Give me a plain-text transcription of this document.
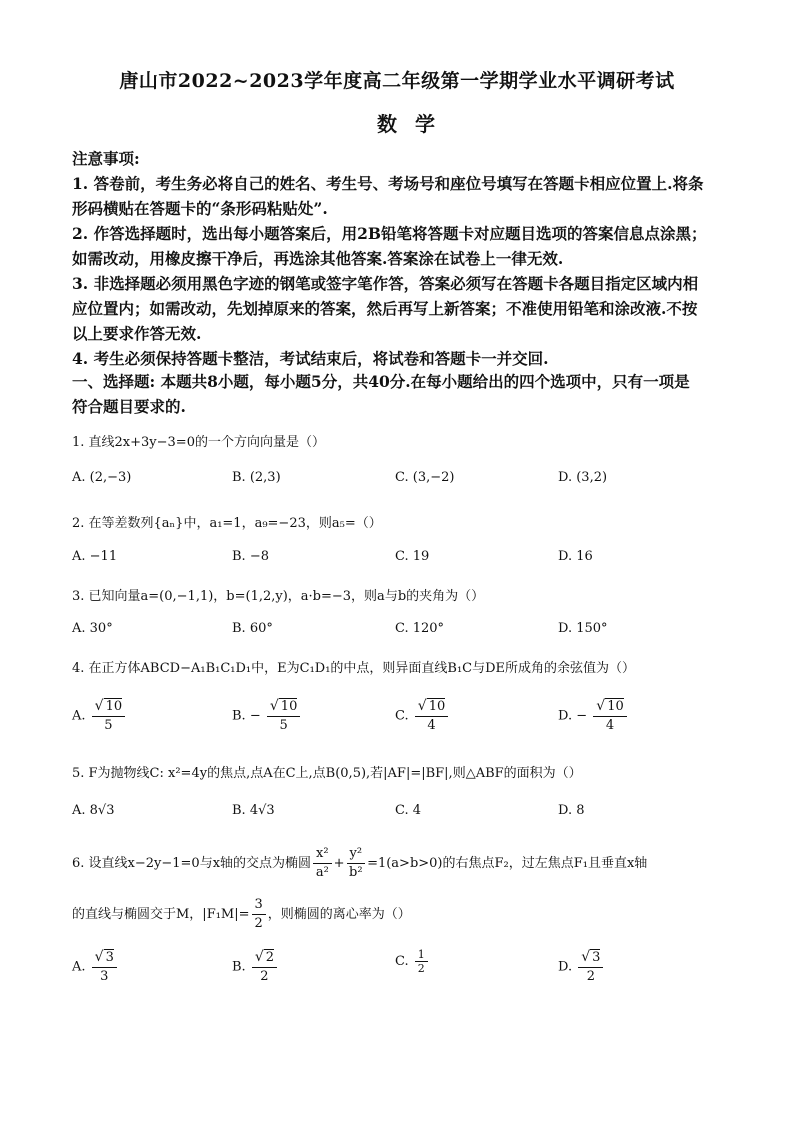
唐山市2022~2023学年度高二年级第一学期学业水平调研考试
数学
注意事项:
1. 答卷前，考生务必将自己的姓名、考生号、考场号和座位号填写在答题卡相应位置上.将条
形码横贴在答题卡的“条形码粘贴处”.
2. 作答选择题时，选出每小题答案后，用2B铅笔将答题卡对应题目选项的答案信息点涂黑；
如需改动，用橡皮擦干净后，再选涂其他答案.答案涂在试卷上一律无效.
3. 非选择题必须用黑色字迹的钢笔或签字笔作答，答案必须写在答题卡各题目指定区域内相
应位置内；如需改动，先划掉原来的答案，然后再写上新答案；不准使用铅笔和涂改液.不按
以上要求作答无效.
4. 考生必须保持答题卡整洁，考试结束后，将试卷和答题卡一并交回.
一、选择题: 本题共8小题，每小题5分，共40分.在每小题给出的四个选项中，只有一项是
符合题目要求的.
1. 直线2x+3y−3=0的一个方向向量是（）
A. (2,−3)	B. (2,3)	C. (3,−2)	D. (3,2)
2. 在等差数列{aₙ}中，a₁=1，a₉=−23，则a₅=（）
A. −11	B. −8	C. 19	D. 16
3. 已知向量a=(0,−1,1)，b=(1,2,y)，a·b=−3，则a与b的夹角为（）
A. 30°	B. 60°	C. 120°	D. 150°
4. 在正方体ABCD−A₁B₁C₁D₁中，E为C₁D₁的中点，则异面直线B₁C与DE所成角的余弦值为（）
A. $\frac{√ 10}{5}$	B. − $\frac{√ 10}{5}$	C. $\frac{√ 10}{4}$	D. − $\frac{√ 10}{4}$
5. F为抛物线C: x²=4y的焦点,点A在C上,点B(0,5),若|AF|=|BF|,则△ABF的面积为（）
A. 8√3	B. 4√3	C. 4	D. 8
6. 设直线x−2y−1=0与x轴的交点为椭圆 $\frac{\text{x²}}{\text{a²}} + \frac{\text{y²}}{\text{b²}} =1(a>b>0)$的右焦点F₂，过左焦点F₁且垂直x轴
的直线与椭圆交于M，$|F_1M|= \frac{3}{2}$ ，则椭圆的离心率为（）
A. $\frac{√ 3}{3}$	B. $\frac{√ 2}{2}$	C. $\frac{1}{2}$	D. $\frac{√ 3}{2}$
